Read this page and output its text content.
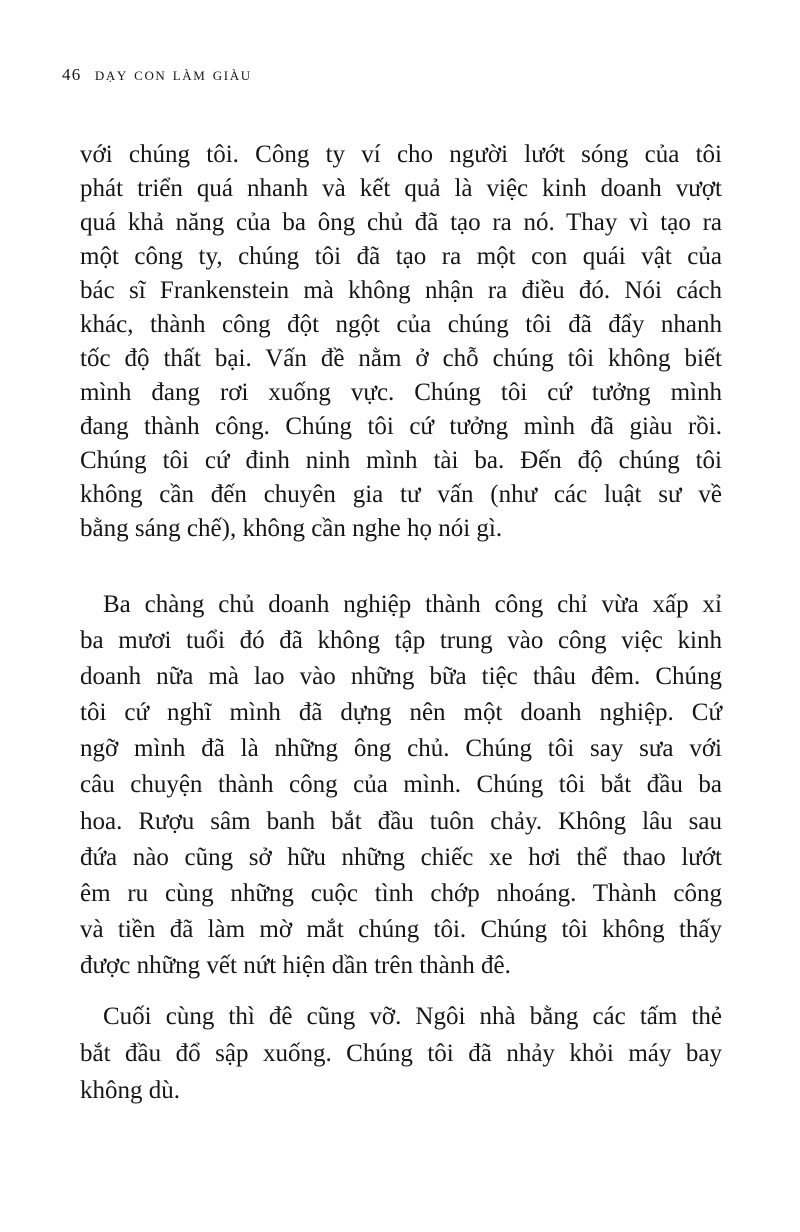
46 dạy con làm giàu
với chúng tôi. Công ty ví cho người lướt sóng của tôi
phát triển quá nhanh và kết quả là việc kinh doanh vượt
quá khả năng của ba ông chủ đã tạo ra nó. Thay vì tạo ra
một công ty, chúng tôi đã tạo ra một con quái vật của
bác sĩ Frankenstein mà không nhận ra điều đó. Nói cách
khác, thành công đột ngột của chúng tôi đã đẩy nhanh
tốc độ thất bại. Vấn đề nằm ở chỗ chúng tôi không biết
mình đang rơi xuống vực. Chúng tôi cứ tưởng mình
đang thành công. Chúng tôi cứ tưởng mình đã giàu rồi.
Chúng tôi cứ đinh ninh mình tài ba. Đến độ chúng tôi
không cần đến chuyên gia tư vấn (như các luật sư về
bằng sáng chế), không cần nghe họ nói gì.
Ba chàng chủ doanh nghiệp thành công chỉ vừa xấp xỉ
ba mươi tuổi đó đã không tập trung vào công việc kinh
doanh nữa mà lao vào những bữa tiệc thâu đêm. Chúng
tôi cứ nghĩ mình đã dựng nên một doanh nghiệp. Cứ
ngỡ mình đã là những ông chủ. Chúng tôi say sưa với
câu chuyện thành công của mình. Chúng tôi bắt đầu ba
hoa. Rượu sâm banh bắt đầu tuôn chảy. Không lâu sau
đứa nào cũng sở hữu những chiếc xe hơi thể thao lướt
êm ru cùng những cuộc tình chớp nhoáng. Thành công
và tiền đã làm mờ mắt chúng tôi. Chúng tôi không thấy
được những vết nứt hiện dần trên thành đê.
Cuối cùng thì đê cũng vỡ. Ngôi nhà bằng các tấm thẻ
bắt đầu đổ sập xuống. Chúng tôi đã nhảy khỏi máy bay
không dù.
